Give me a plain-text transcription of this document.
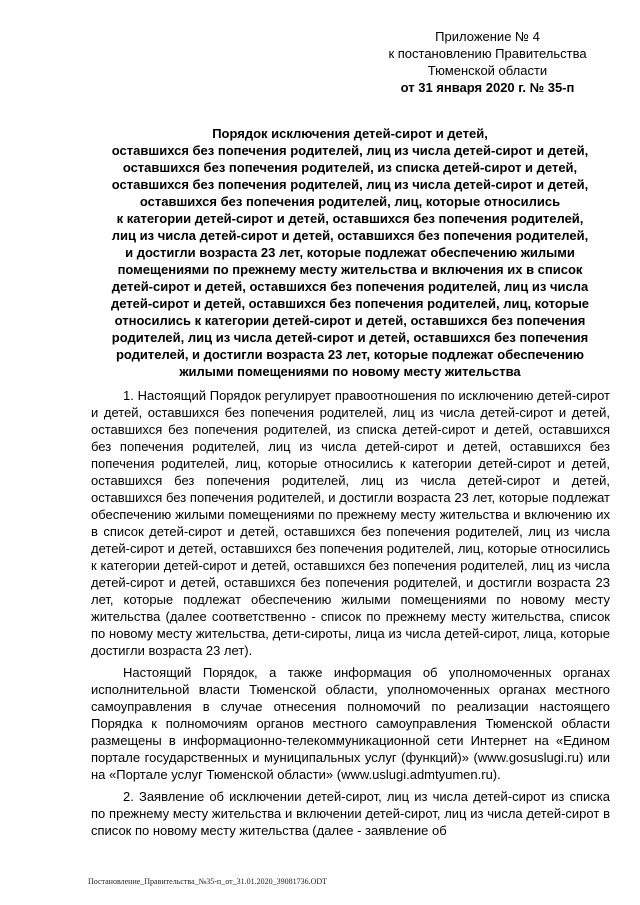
Приложение № 4
к постановлению Правительства
Тюменской области
от 31 января 2020 г. № 35-п
Порядок исключения детей-сирот и детей,
оставшихся без попечения родителей, лиц из числа детей-сирот и детей,
оставшихся без попечения родителей, из списка детей-сирот и детей,
оставшихся без попечения родителей, лиц из числа детей-сирот и детей,
оставшихся без попечения родителей, лиц, которые относились
к категории детей-сирот и детей, оставшихся без попечения родителей,
лиц из числа детей-сирот и детей, оставшихся без попечения родителей,
и достигли возраста 23 лет, которые подлежат обеспечению жилыми
помещениями по прежнему месту жительства и включения их в список
детей-сирот и детей, оставшихся без попечения родителей, лиц из числа
детей-сирот и детей, оставшихся без попечения родителей, лиц, которые
относились к категории детей-сирот и детей, оставшихся без попечения
родителей, лиц из числа детей-сирот и детей, оставшихся без попечения
родителей, и достигли возраста 23 лет, которые подлежат обеспечению
жилыми помещениями по новому месту жительства

1. Настоящий Порядок регулирует правоотношения по исключению детей-сирот и детей, оставшихся без попечения родителей, лиц из числа детей-сирот и детей, оставшихся без попечения родителей, из списка детей-сирот и детей, оставшихся без попечения родителей, лиц из числа детей-сирот и детей, оставшихся без попечения родителей, лиц, которые относились к категории детей-сирот и детей, оставшихся без попечения родителей, лиц из числа детей-сирот и детей, оставшихся без попечения родителей, и достигли возраста 23 лет, которые подлежат обеспечению жилыми помещениями по прежнему месту жительства и включению их в список детей-сирот и детей, оставшихся без попечения родителей, лиц из числа детей-сирот и детей, оставшихся без попечения родителей, лиц, которые относились к категории детей-сирот и детей, оставшихся без попечения родителей, лиц из числа детей-сирот и детей, оставшихся без попечения родителей, и достигли возраста 23 лет, которые подлежат обеспечению жилыми помещениями по новому месту жительства (далее соответственно - список по прежнему месту жительства, список по новому месту жительства, дети-сироты, лица из числа детей-сирот, лица, которые достигли возраста 23 лет).

Настоящий Порядок, а также информация об уполномоченных органах исполнительной власти Тюменской области, уполномоченных органах местного самоуправления в случае отнесения полномочий по реализации настоящего Порядка к полномочиям органов местного самоуправления Тюменской области размещены в информационно-телекоммуникационной сети Интернет на «Едином портале государственных и муниципальных услуг (функций)» (www.gosuslugi.ru) или на «Портале услуг Тюменской области» (www.uslugi.admtyumen.ru).

2. Заявление об исключении детей-сирот, лиц из числа детей-сирот из списка по прежнему месту жительства и включении детей-сирот, лиц из числа детей-сирот в список по новому месту жительства (далее - заявление об

Постановление_Правительства_№35-п_от_31.01.2020_39081736.ODT
